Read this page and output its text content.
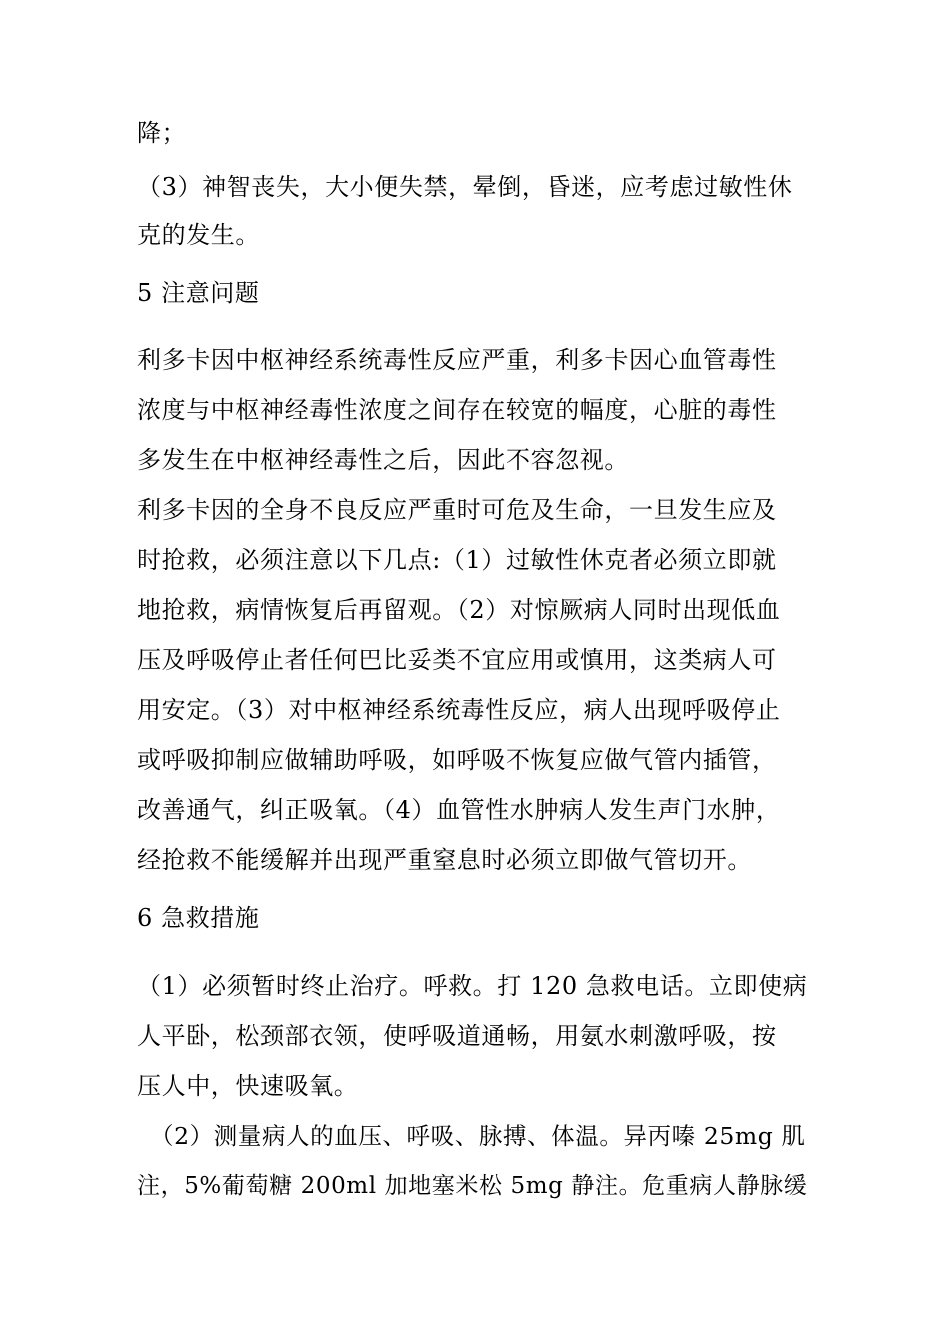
降；

（3）神智丧失，大小便失禁，晕倒，昏迷，应考虑过敏性休

克的发生。

5 注意问题

利多卡因中枢神经系统毒性反应严重，利多卡因心血管毒性

浓度与中枢神经毒性浓度之间存在较宽的幅度，心脏的毒性

多发生在中枢神经毒性之后，因此不容忽视。

利多卡因的全身不良反应严重时可危及生命，一旦发生应及

时抢救，必须注意以下几点:（1）过敏性休克者必须立即就

地抢救，病情恢复后再留观。（2）对惊厥病人同时出现低血

压及呼吸停止者任何巴比妥类不宜应用或慎用，这类病人可

用安定。（3）对中枢神经系统毒性反应，病人出现呼吸停止

或呼吸抑制应做辅助呼吸，如呼吸不恢复应做气管内插管，

改善通气，纠正吸氧。（4）血管性水肿病人发生声门水肿，

经抢救不能缓解并出现严重窒息时必须立即做气管切开。

6 急救措施

（1）必须暂时终止治疗。呼救。打 120 急救电话。立即使病

人平卧，松颈部衣领，使呼吸道通畅，用氨水刺激呼吸，按

压人中，快速吸氧。

（2）测量病人的血压、呼吸、脉搏、体温。异丙嗪 25mg 肌

注，5%葡萄糖 200ml 加地塞米松 5mg 静注。危重病人静脉缓
